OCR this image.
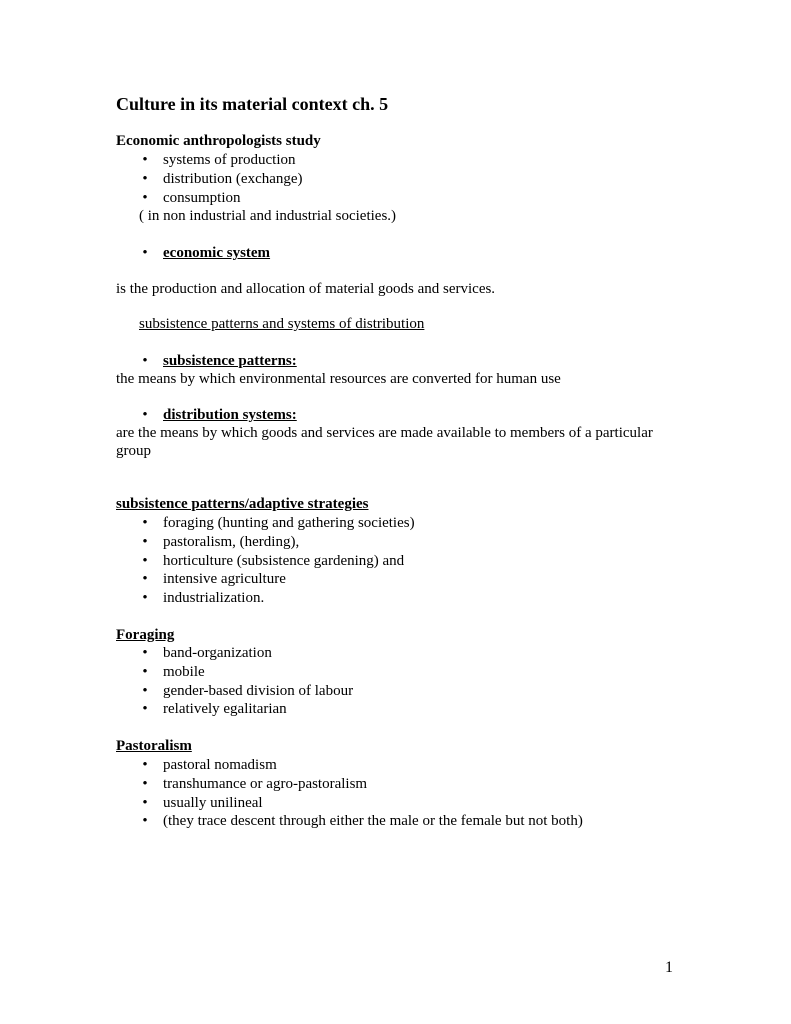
Culture in its material context ch. 5
Economic anthropologists study
• systems of production
• distribution (exchange)
• consumption
( in non industrial and industrial societies.)
• economic system
is the production and allocation of material goods and services.
subsistence patterns and systems of distribution
• subsistence patterns:
the means by which environmental resources are converted for human use
• distribution systems:
are the means by which goods and services are made available to members of a particular group
subsistence patterns/adaptive strategies
• foraging (hunting and gathering societies)
• pastoralism, (herding),
• horticulture (subsistence gardening) and
• intensive agriculture
• industrialization.
Foraging
• band-organization
• mobile
• gender-based division of labour
• relatively egalitarian
Pastoralism
• pastoral nomadism
• transhumance or agro-pastoralism
• usually unilineal
• (they trace descent through either the male or the female but not both)
1
